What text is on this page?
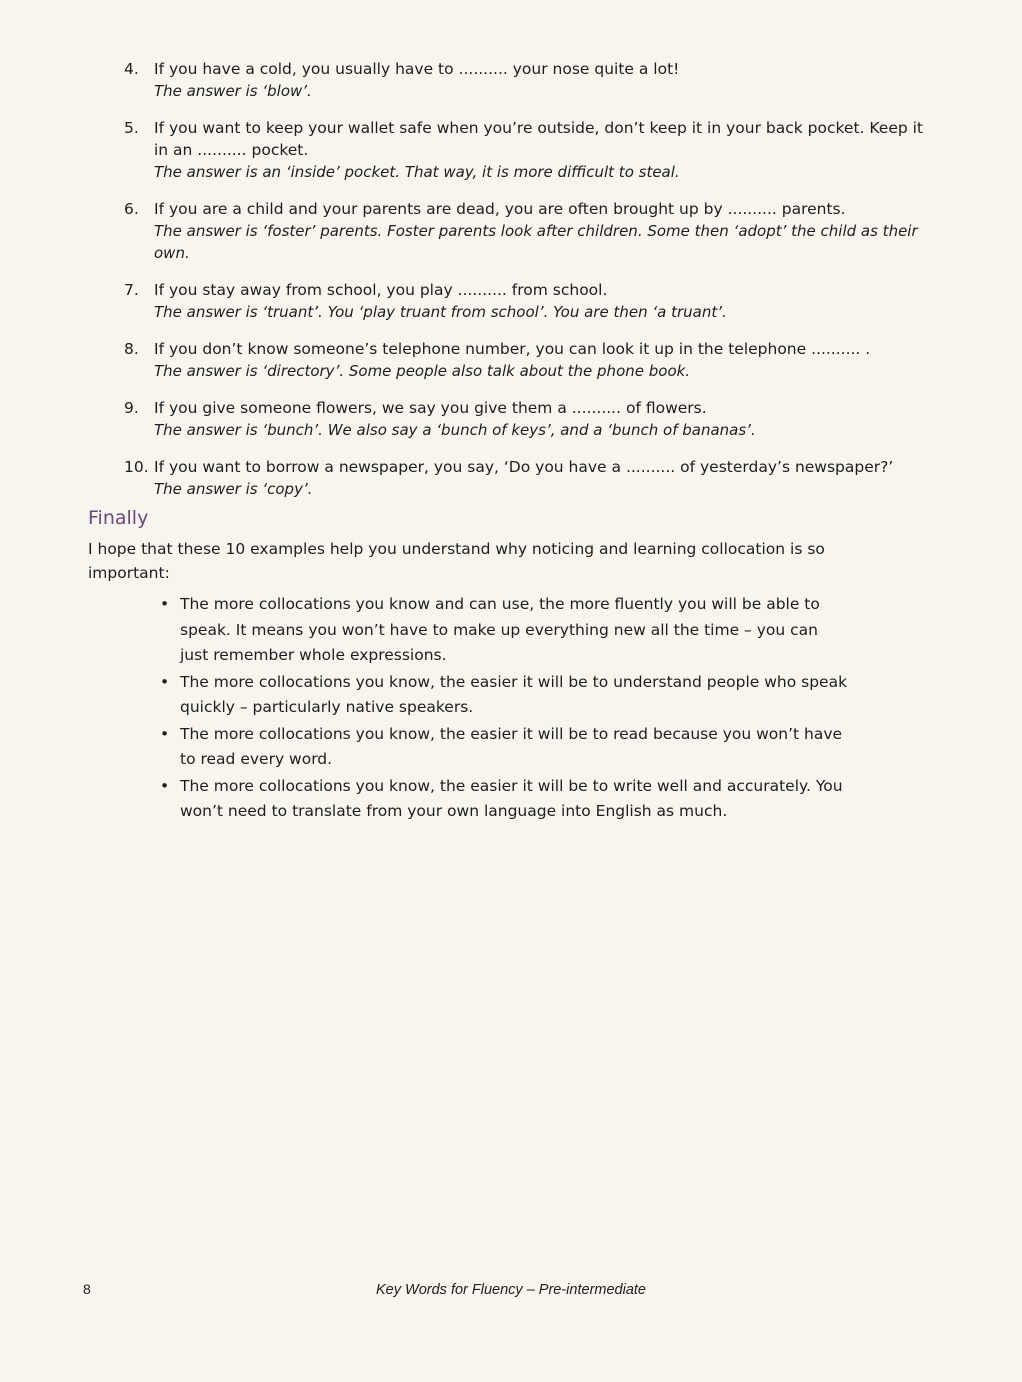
4. If you have a cold, you usually have to .......... your nose quite a lot!
The answer is ‘blow’.
5. If you want to keep your wallet safe when you’re outside, don’t keep it in your back pocket. Keep it in an .......... pocket.
The answer is an ‘inside’ pocket. That way, it is more difficult to steal.
6. If you are a child and your parents are dead, you are often brought up by .......... parents.
The answer is ‘foster’ parents. Foster parents look after children. Some then ‘adopt’ the child as their own.
7. If you stay away from school, you play .......... from school.
The answer is ‘truant’. You ‘play truant from school’. You are then ‘a truant’.
8. If you don’t know someone’s telephone number, you can look it up in the telephone .......... .
The answer is ‘directory’. Some people also talk about the phone book.
9. If you give someone flowers, we say you give them a .......... of flowers.
The answer is ‘bunch’. We also say a ‘bunch of keys’, and a ‘bunch of bananas’.
10. If you want to borrow a newspaper, you say, ‘Do you have a .......... of yesterday’s newspaper?’
The answer is ‘copy’.
Finally
I hope that these 10 examples help you understand why noticing and learning collocation is so important:
• The more collocations you know and can use, the more fluently you will be able to speak. It means you won’t have to make up everything new all the time – you can just remember whole expressions.
• The more collocations you know, the easier it will be to understand people who speak quickly – particularly native speakers.
• The more collocations you know, the easier it will be to read because you won’t have to read every word.
• The more collocations you know, the easier it will be to write well and accurately. You won’t need to translate from your own language into English as much.
8	Key Words for Fluency – Pre-intermediate
